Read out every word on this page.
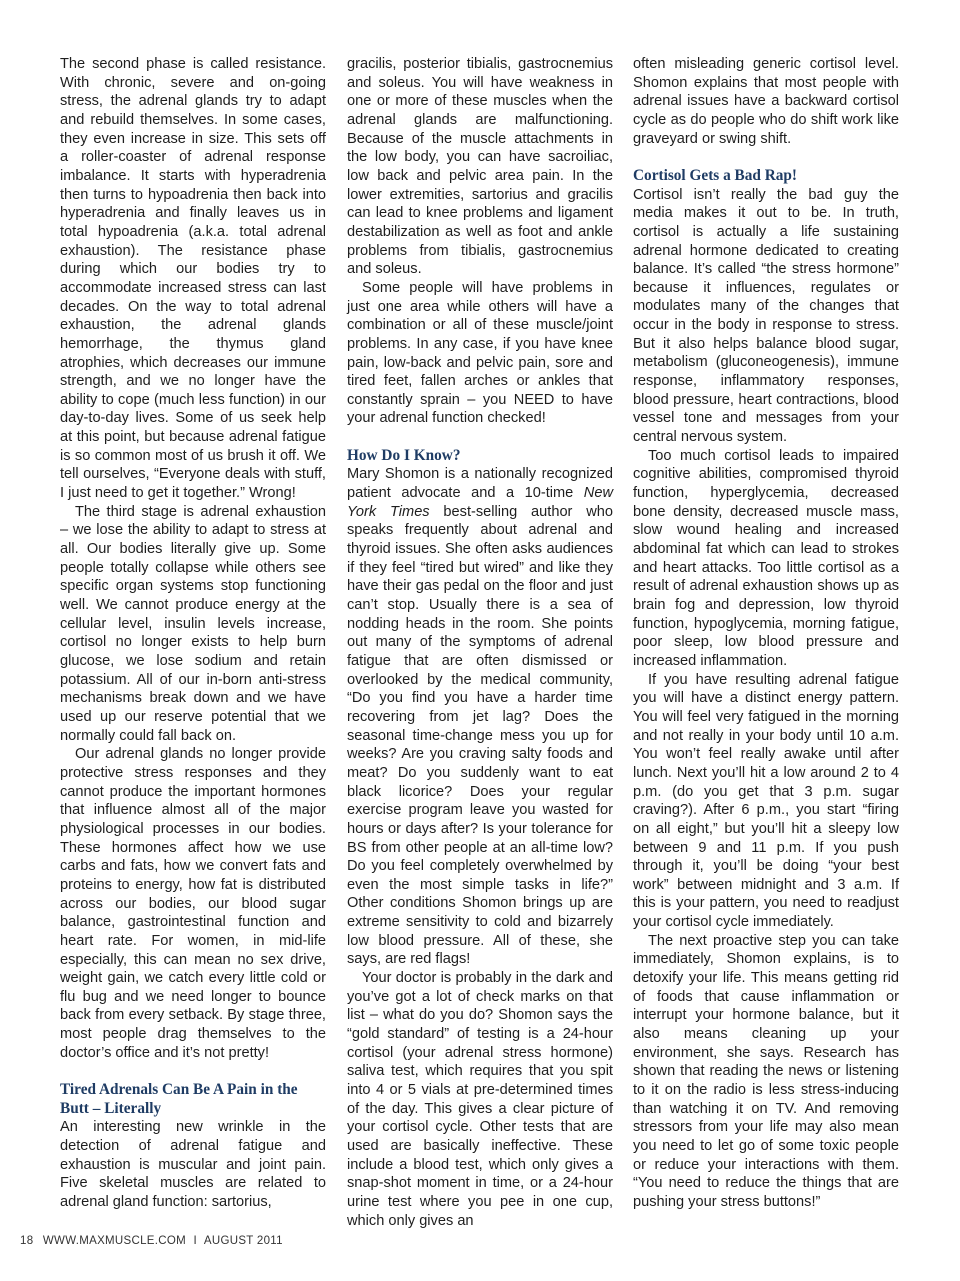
The second phase is called resistance. With chronic, severe and on-going stress, the adrenal glands try to adapt and rebuild themselves. In some cases, they even increase in size. This sets off a roller-coaster of adrenal response imbalance. It starts with hyperadrenia then turns to hypoadrenia then back into hyperadrenia and finally leaves us in total hypoadrenia (a.k.a. total adrenal exhaustion). The resistance phase during which our bodies try to accommodate increased stress can last decades. On the way to total adrenal exhaustion, the adrenal glands hemorrhage, the thymus gland atrophies, which decreases our immune strength, and we no longer have the ability to cope (much less function) in our day-to-day lives. Some of us seek help at this point, but because adrenal fatigue is so common most of us brush it off. We tell ourselves, “Everyone deals with stuff, I just need to get it together.” Wrong!

The third stage is adrenal exhaustion – we lose the ability to adapt to stress at all. Our bodies literally give up. Some people totally collapse while others see specific organ systems stop functioning well. We cannot produce energy at the cellular level, insulin levels increase, cortisol no longer exists to help burn glucose, we lose sodium and retain potassium. All of our in-born anti-stress mechanisms break down and we have used up our reserve potential that we normally could fall back on.

Our adrenal glands no longer provide protective stress responses and they cannot produce the important hormones that influence almost all of the major physiological processes in our bodies. These hormones affect how we use carbs and fats, how we convert fats and proteins to energy, how fat is distributed across our bodies, our blood sugar balance, gastrointestinal function and heart rate. For women, in mid-life especially, this can mean no sex drive, weight gain, we catch every little cold or flu bug and we need longer to bounce back from every setback. By stage three, most people drag themselves to the doctor’s office and it’s not pretty!

Tired Adrenals Can Be A Pain in the Butt – Literally

An interesting new wrinkle in the detection of adrenal fatigue and exhaustion is muscular and joint pain. Five skeletal muscles are related to adrenal gland function: sartorius,

gracilis, posterior tibialis, gastrocnemius and soleus. You will have weakness in one or more of these muscles when the adrenal glands are malfunctioning. Because of the muscle attachments in the low body, you can have sacroiliac, low back and pelvic area pain. In the lower extremities, sartorius and gracilis can lead to knee problems and ligament destabilization as well as foot and ankle problems from tibialis, gastrocnemius and soleus.

Some people will have problems in just one area while others will have a combination or all of these muscle/joint problems. In any case, if you have knee pain, low-back and pelvic pain, sore and tired feet, fallen arches or ankles that constantly sprain – you NEED to have your adrenal function checked!

How Do I Know?

Mary Shomon is a nationally recognized patient advocate and a 10-time New York Times best-selling author who speaks frequently about adrenal and thyroid issues. She often asks audiences if they feel “tired but wired” and like they have their gas pedal on the floor and just can’t stop. Usually there is a sea of nodding heads in the room. She points out many of the symptoms of adrenal fatigue that are often dismissed or overlooked by the medical community, “Do you find you have a harder time recovering from jet lag? Does the seasonal time-change mess you up for weeks? Are you craving salty foods and meat? Do you suddenly want to eat black licorice? Does your regular exercise program leave you wasted for hours or days after? Is your tolerance for BS from other people at an all-time low? Do you feel completely overwhelmed by even the most simple tasks in life?” Other conditions Shomon brings up are extreme sensitivity to cold and bizarrely low blood pressure. All of these, she says, are red flags!

Your doctor is probably in the dark and you’ve got a lot of check marks on that list – what do you do? Shomon says the “gold standard” of testing is a 24-hour cortisol (your adrenal stress hormone) saliva test, which requires that you spit into 4 or 5 vials at pre-determined times of the day. This gives a clear picture of your cortisol cycle. Other tests that are used are basically ineffective. These include a blood test, which only gives a snap-shot moment in time, or a 24-hour urine test where you pee in one cup, which only gives an

often misleading generic cortisol level. Shomon explains that most people with adrenal issues have a backward cortisol cycle as do people who do shift work like graveyard or swing shift.

Cortisol Gets a Bad Rap!

Cortisol isn’t really the bad guy the media makes it out to be. In truth, cortisol is actually a life sustaining adrenal hormone dedicated to creating balance. It’s called “the stress hormone” because it influences, regulates or modulates many of the changes that occur in the body in response to stress. But it also helps balance blood sugar, metabolism (gluconeogenesis), immune response, inflammatory responses, blood pressure, heart contractions, blood vessel tone and messages from your central nervous system.

Too much cortisol leads to impaired cognitive abilities, compromised thyroid function, hyperglycemia, decreased bone density, decreased muscle mass, slow wound healing and increased abdominal fat which can lead to strokes and heart attacks. Too little cortisol as a result of adrenal exhaustion shows up as brain fog and depression, low thyroid function, hypoglycemia, morning fatigue, poor sleep, low blood pressure and increased inflammation.

If you have resulting adrenal fatigue you will have a distinct energy pattern. You will feel very fatigued in the morning and not really in your body until 10 a.m. You won’t feel really awake until after lunch. Next you’ll hit a low around 2 to 4 p.m. (do you get that 3 p.m. sugar craving?). After 6 p.m., you start “firing on all eight,” but you’ll hit a sleepy low between 9 and 11 p.m. If you push through it, you’ll be doing “your best work” between midnight and 3 a.m. If this is your pattern, you need to readjust your cortisol cycle immediately.

The next proactive step you can take immediately, Shomon explains, is to detoxify your life. This means getting rid of foods that cause inflammation or interrupt your hormone balance, but it also means cleaning up your environment, she says. Research has shown that reading the news or listening to it on the radio is less stress-inducing than watching it on TV. And removing stressors from your life may also mean you need to let go of some toxic people or reduce your interactions with them. “You need to reduce the things that are pushing your stress buttons!”

18 WWW.MAXMUSCLE.COM I AUGUST 2011
